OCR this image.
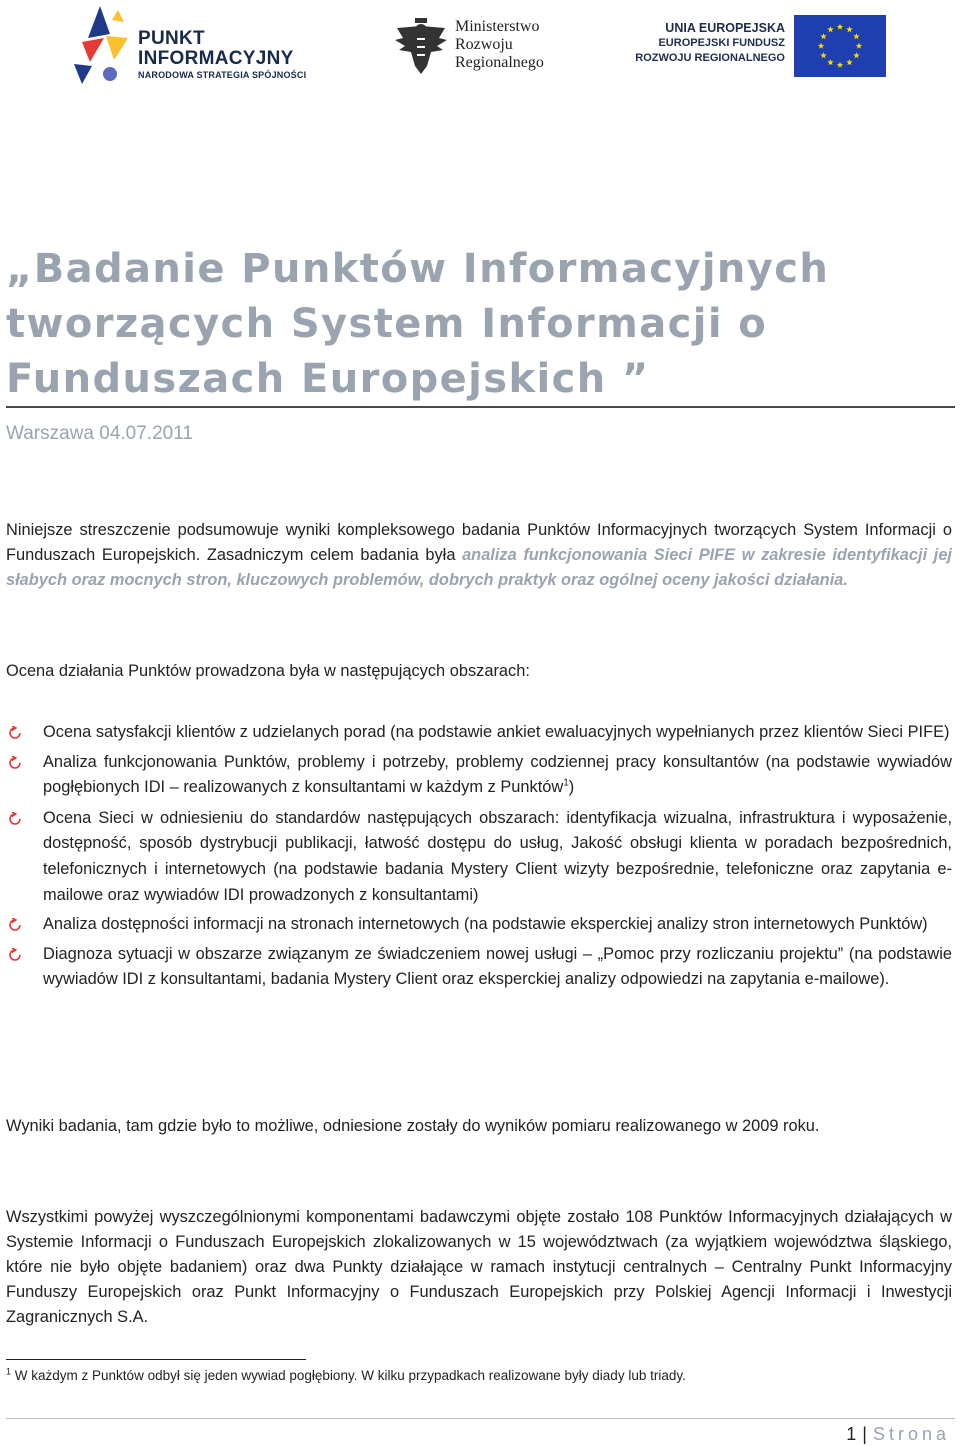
PUNKT
INFORMACYJNY
NARODOWA STRATEGIA SPÓJNOŚCI
Ministerstwo
Rozwoju
Regionalnego
UNIA EUROPEJSKA
EUROPEJSKI FUNDUSZ
ROZWOJU REGIONALNEGO
„Badanie Punktów Informacyjnych tworzących System Informacji o Funduszach Europejskich ”
Warszawa 04.07.2011

Niniejsze streszczenie podsumowuje wyniki kompleksowego badania Punktów Informacyjnych tworzących System Informacji o Funduszach Europejskich. Zasadniczym celem badania była analiza funkcjonowania Sieci PIFE w zakresie identyfikacji jej słabych oraz mocnych stron, kluczowych problemów, dobrych praktyk oraz ogólnej oceny jakości działania.

Ocena działania Punktów prowadzona była w następujących obszarach:

Ocena satysfakcji klientów z udzielanych porad (na podstawie ankiet ewaluacyjnych wypełnianych przez klientów Sieci PIFE)
Analiza funkcjonowania Punktów, problemy i potrzeby, problemy codziennej pracy konsultantów (na podstawie wywiadów pogłębionych IDI – realizowanych z konsultantami w każdym z Punktów$^1$)
Ocena Sieci w odniesieniu do standardów następujących obszarach: identyfikacja wizualna, infrastruktura i wyposażenie, dostępność, sposób dystrybucji publikacji, łatwość dostępu do usług, Jakość obsługi klienta w poradach bezpośrednich, telefonicznych i internetowych (na podstawie badania Mystery Client wizyty bezpośrednie, telefoniczne oraz zapytania e-mailowe oraz wywiadów IDI prowadzonych z konsultantami)
Analiza dostępności informacji na stronach internetowych (na podstawie eksperckiej analizy stron internetowych Punktów)
Diagnoza sytuacji w obszarze związanym ze świadczeniem nowej usługi – „Pomoc przy rozliczaniu projektu” (na podstawie wywiadów IDI z konsultantami, badania Mystery Client oraz eksperckiej analizy odpowiedzi na zapytania e-mailowe).

Wyniki badania, tam gdzie było to możliwe, odniesione zostały do wyników pomiaru realizowanego w 2009 roku.

Wszystkimi powyżej wyszczególnionymi komponentami badawczymi objęte zostało 108 Punktów Informacyjnych działających w Systemie Informacji o Funduszach Europejskich zlokalizowanych w 15 województwach (za wyjątkiem województwa śląskiego, które nie było objęte badaniem) oraz dwa Punkty działające w ramach instytucji centralnych – Centralny Punkt Informacyjny Funduszy Europejskich oraz Punkt Informacyjny o Funduszach Europejskich przy Polskiej Agencji Informacji i Inwestycji Zagranicznych S.A.

$^1$ W każdym z Punktów odbył się jeden wywiad pogłębiony. W kilku przypadkach realizowane były diady lub triady.
1 | Strona
